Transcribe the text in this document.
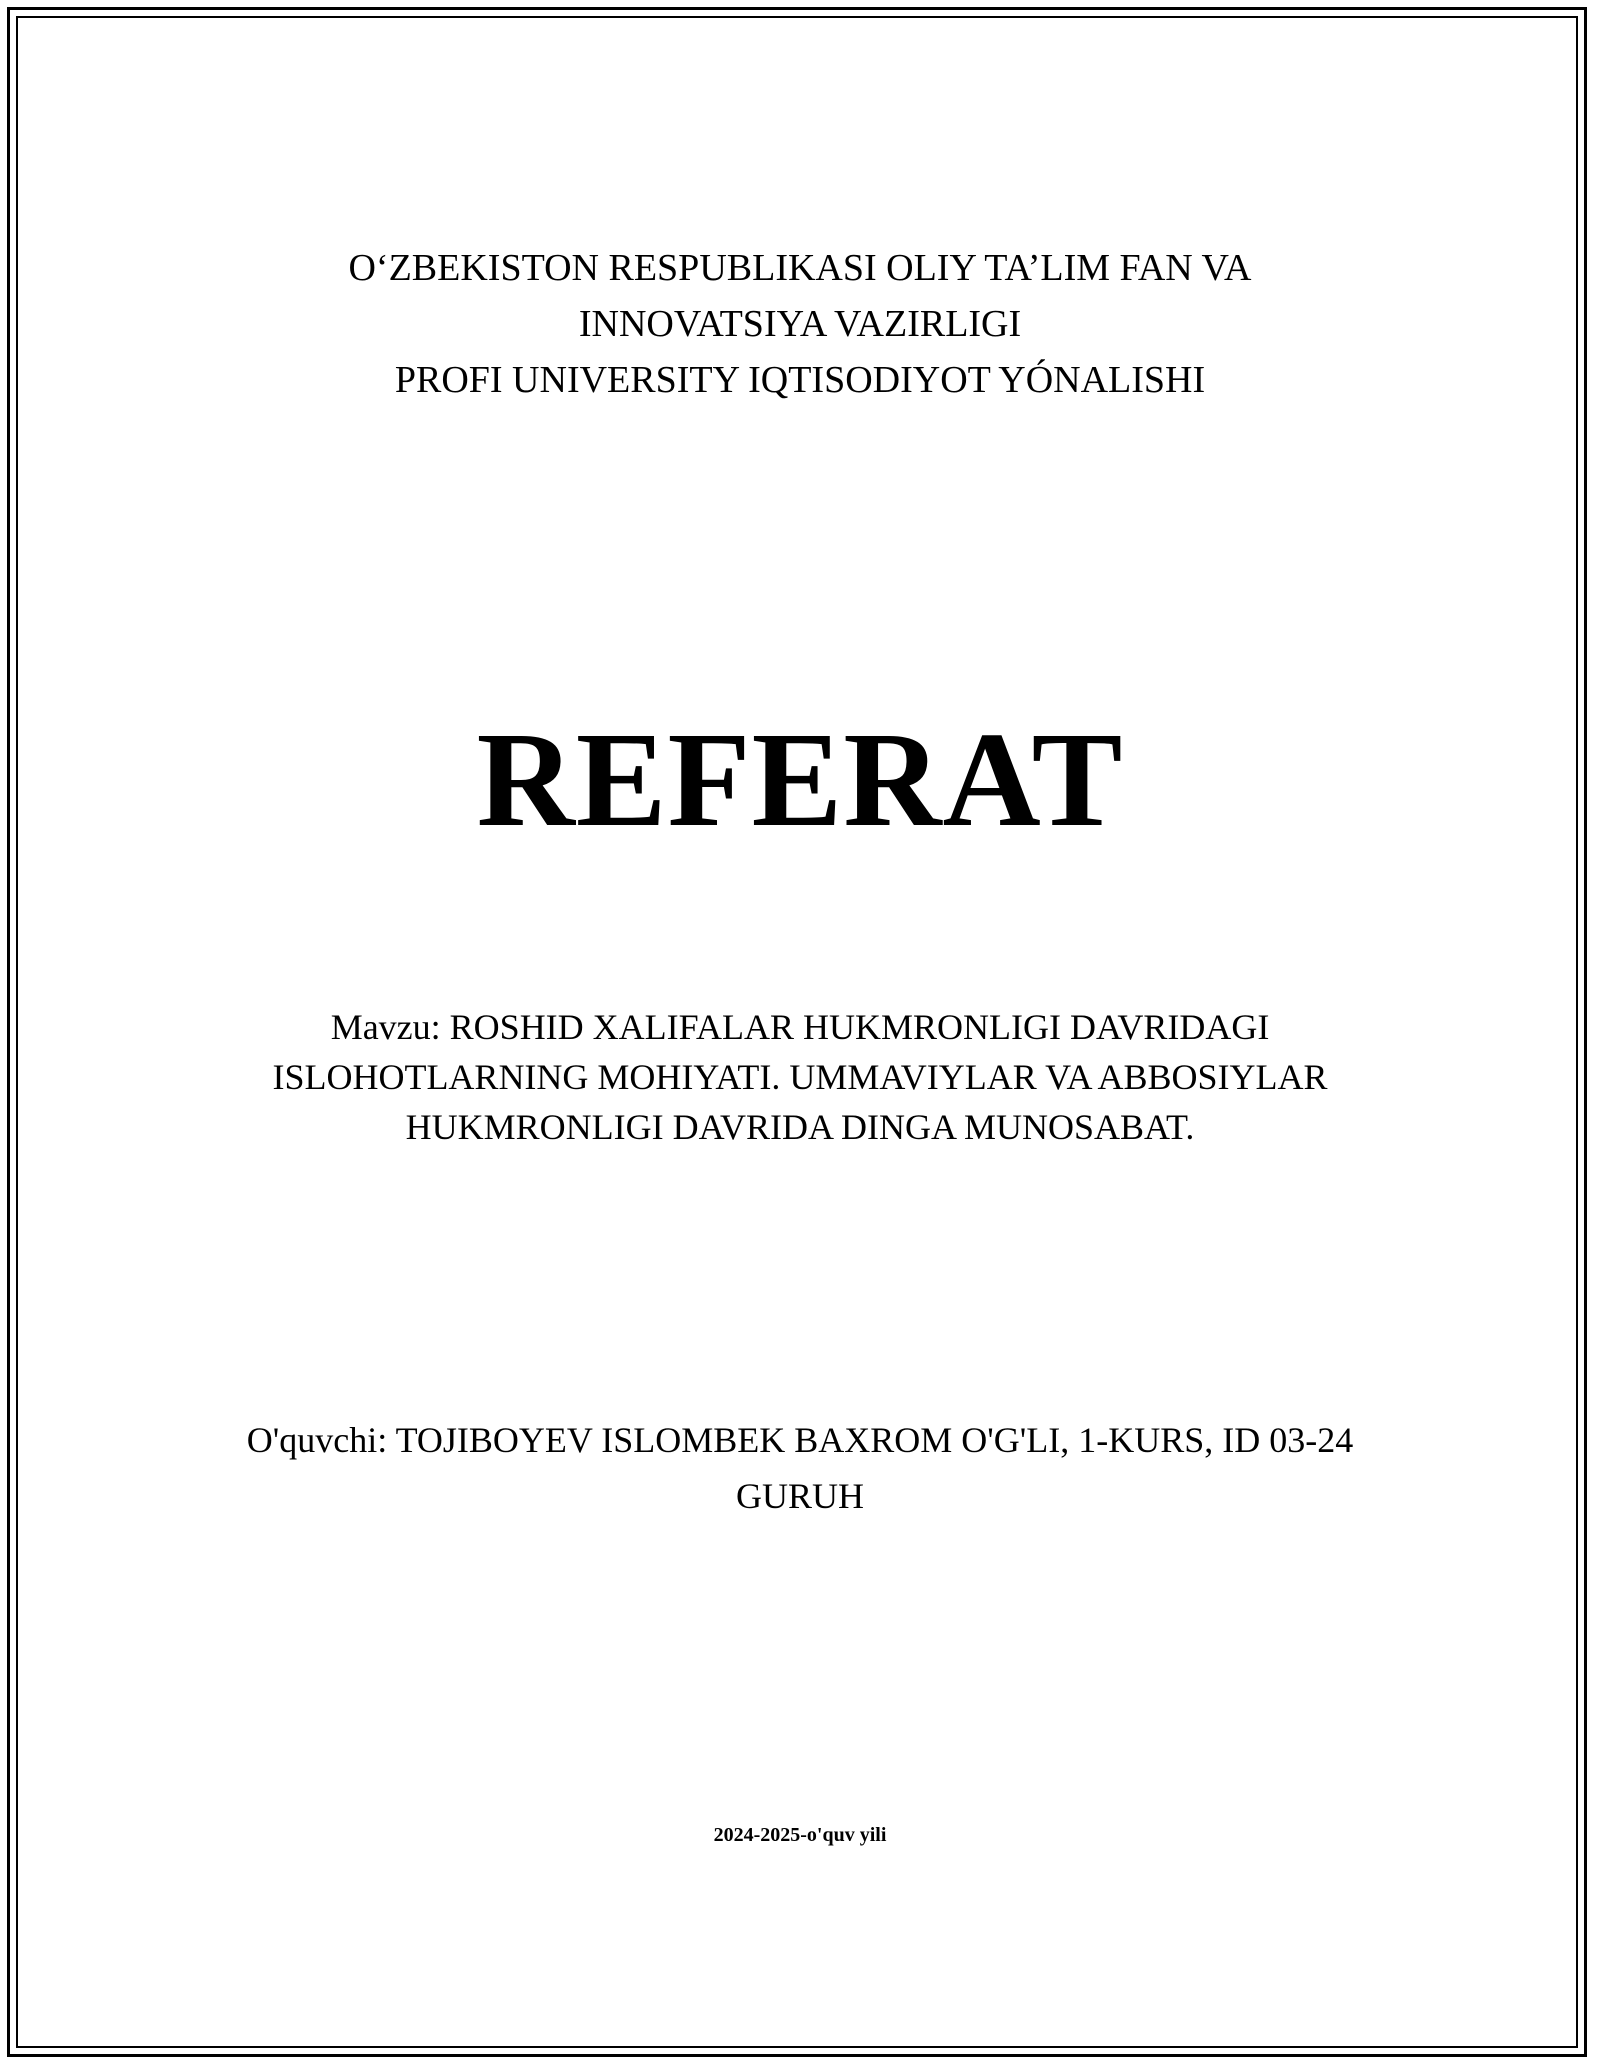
O‘ZBEKISTON RESPUBLIKASI OLIY TA’LIM FAN VA
INNOVATSIYA VAZIRLIGI
PROFI UNIVERSITY IQTISODIYOT YÓNALISHI
REFERAT
Mavzu: ROSHID XALIFALAR HUKMRONLIGI DAVRIDAGI
ISLOHOTLARNING MOHIYATI. UMMAVIYLAR VA ABBOSIYLAR
HUKMRONLIGI DAVRIDA DINGA MUNOSABAT.
O'quvchi: TOJIBOYEV ISLOMBEK BAXROM O'G'LI, 1-KURS, ID 03-24
GURUH
2024-2025-o'quv yili
